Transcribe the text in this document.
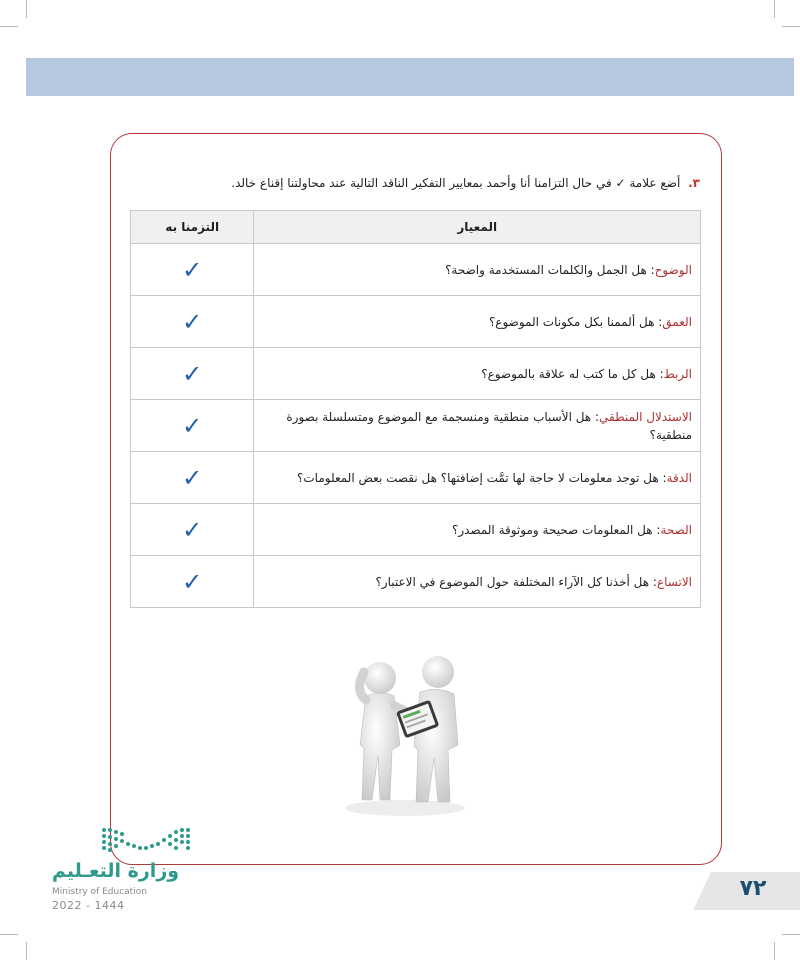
٣. أضع علامة ✓ في حال التزامنا أنا وأحمد بمعايير التفكير الناقد التالية عند محاولتنا إقناع خالد.
المعيار	التزمنا به
الوضوح: هل الجمل والكلمات المستخدمة واضحة؟	✓
العمق: هل ألممنا بكل مكونات الموضوع؟	✓
الربط: هل كل ما كتب له علاقة بالموضوع؟	✓
الاستدلال المنطقي: هل الأسباب منطقية ومنسجمة مع الموضوع ومتسلسلة بصورة منطقية؟	✓
الدقة: هل توجد معلومات لا حاجة لها تمَّت إضافتها؟ هل نقصت بعض المعلومات؟	✓
الصحة: هل المعلومات صحيحة وموثوقة المصدر؟	✓
الاتساع: هل أخذنا كل الآراء المختلفة حول الموضوع في الاعتبار؟	✓
وزارة التعـليم
Ministry of Education
2022 - 1444
٧٢
